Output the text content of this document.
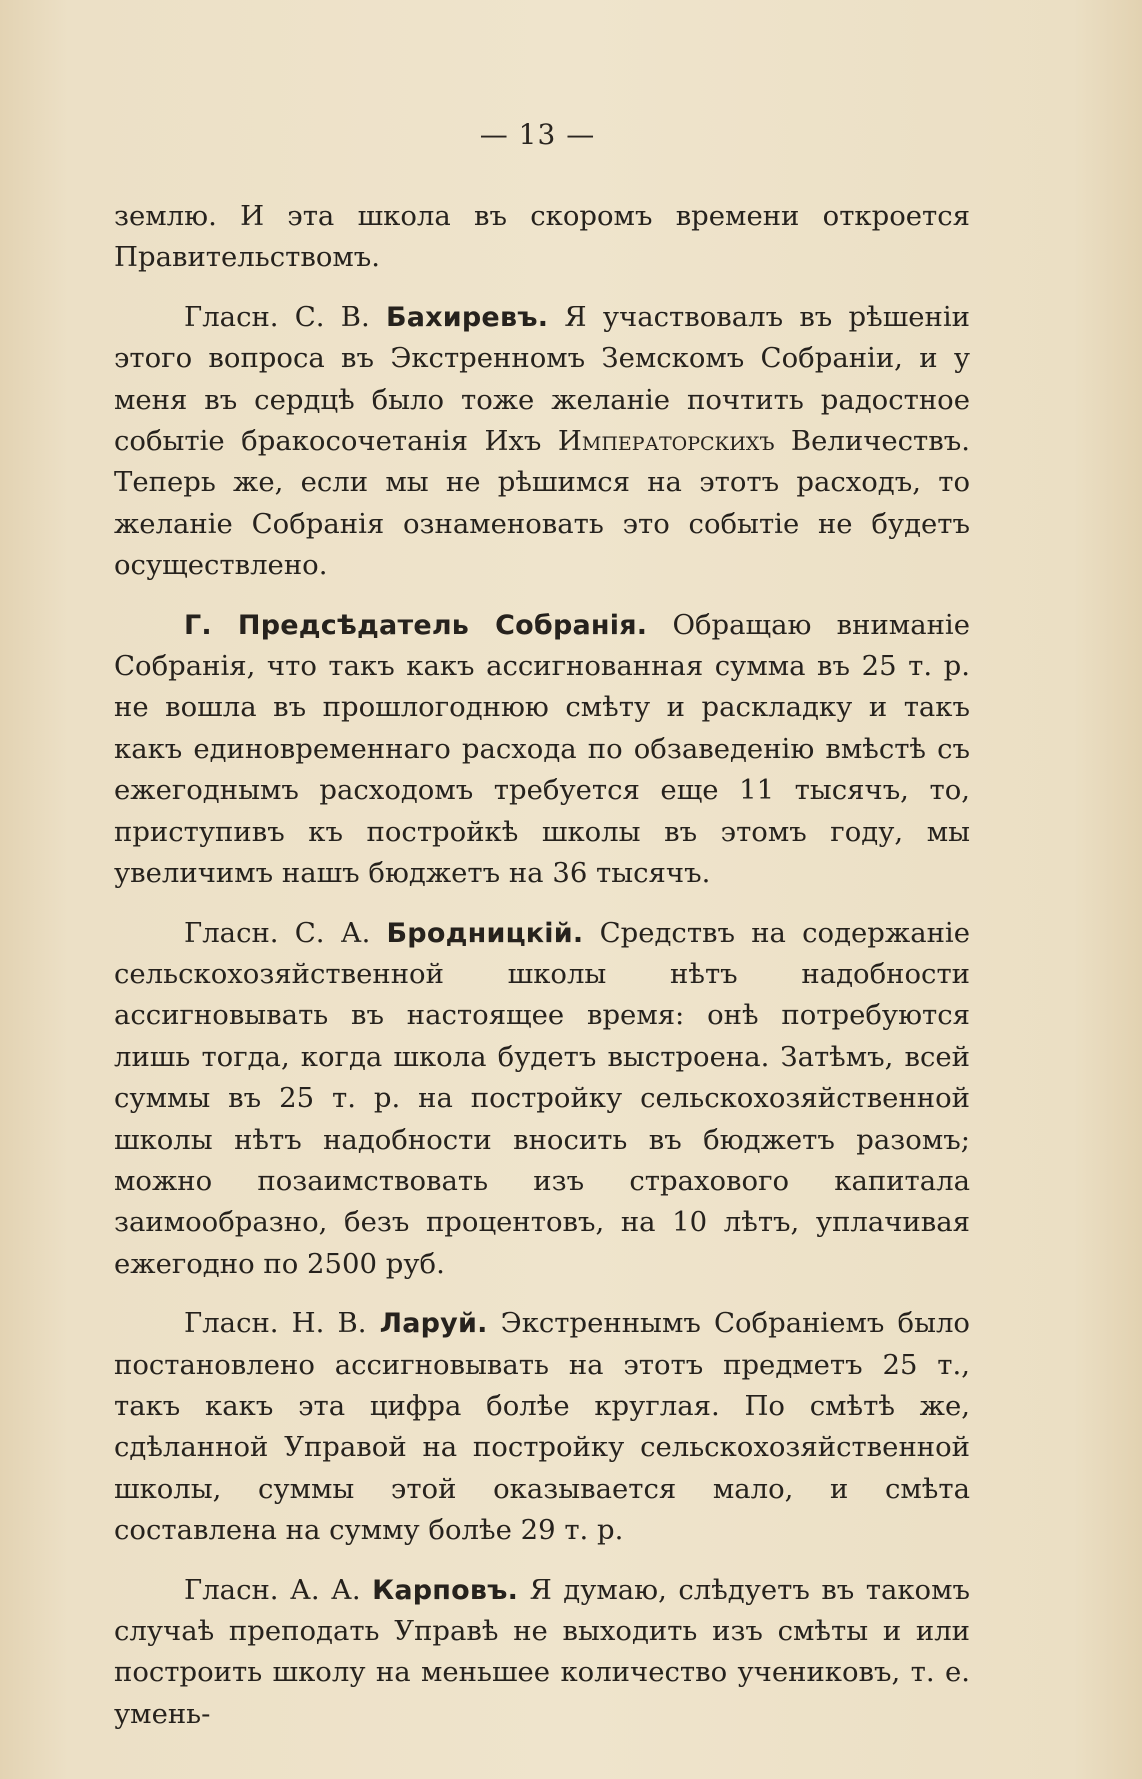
— 13 —

землю. И эта школа въ скоромъ времени откроется Правительствомъ.

Гласн. С. В. Бахиревъ. Я участвовалъ въ рѣшеніи этого вопроса въ Экстренномъ Земскомъ Собраніи, и у меня въ сердцѣ было тоже желаніе почтить радостное событіе бракосочетанія Ихъ Императорскихъ Величествъ. Теперь же, если мы не рѣшимся на этотъ расходъ, то желаніе Собранія ознаменовать это событіе не будетъ осуществлено.

Г. Предсѣдатель Собранія. Обращаю вниманіе Собранія, что такъ какъ ассигнованная сумма въ 25 т. р. не вошла въ прошлогоднюю смѣту и раскладку и такъ какъ единовременнаго расхода по обзаведенію вмѣстѣ съ ежегоднымъ расходомъ требуется еще 11 тысячъ, то, приступивъ къ постройкѣ школы въ этомъ году, мы увеличимъ нашъ бюджетъ на 36 тысячъ.

Гласн. С. А. Бродницкій. Средствъ на содержаніе сельскохозяйственной школы нѣтъ надобности ассигновывать въ настоящее время: онѣ потребуются лишь тогда, когда школа будетъ выстроена. Затѣмъ, всей суммы въ 25 т. р. на постройку сельскохозяйственной школы нѣтъ надобности вносить въ бюджетъ разомъ; можно позаимствовать изъ страхового капитала заимообразно, безъ процентовъ, на 10 лѣтъ, уплачивая ежегодно по 2500 руб.

Гласн. Н. В. Ларуй. Экстреннымъ Собраніемъ было постановлено ассигновывать на этотъ предметъ 25 т., такъ какъ эта цифра болѣе круглая. По смѣтѣ же, сдѣланной Управой на постройку сельскохозяйственной школы, суммы этой оказывается мало, и смѣта составлена на сумму болѣе 29 т. р.

Гласн. А. А. Карповъ. Я думаю, слѣдуетъ въ такомъ случаѣ преподать Управѣ не выходить изъ смѣты и или построить школу на меньшее количество учениковъ, т. е. умень-
